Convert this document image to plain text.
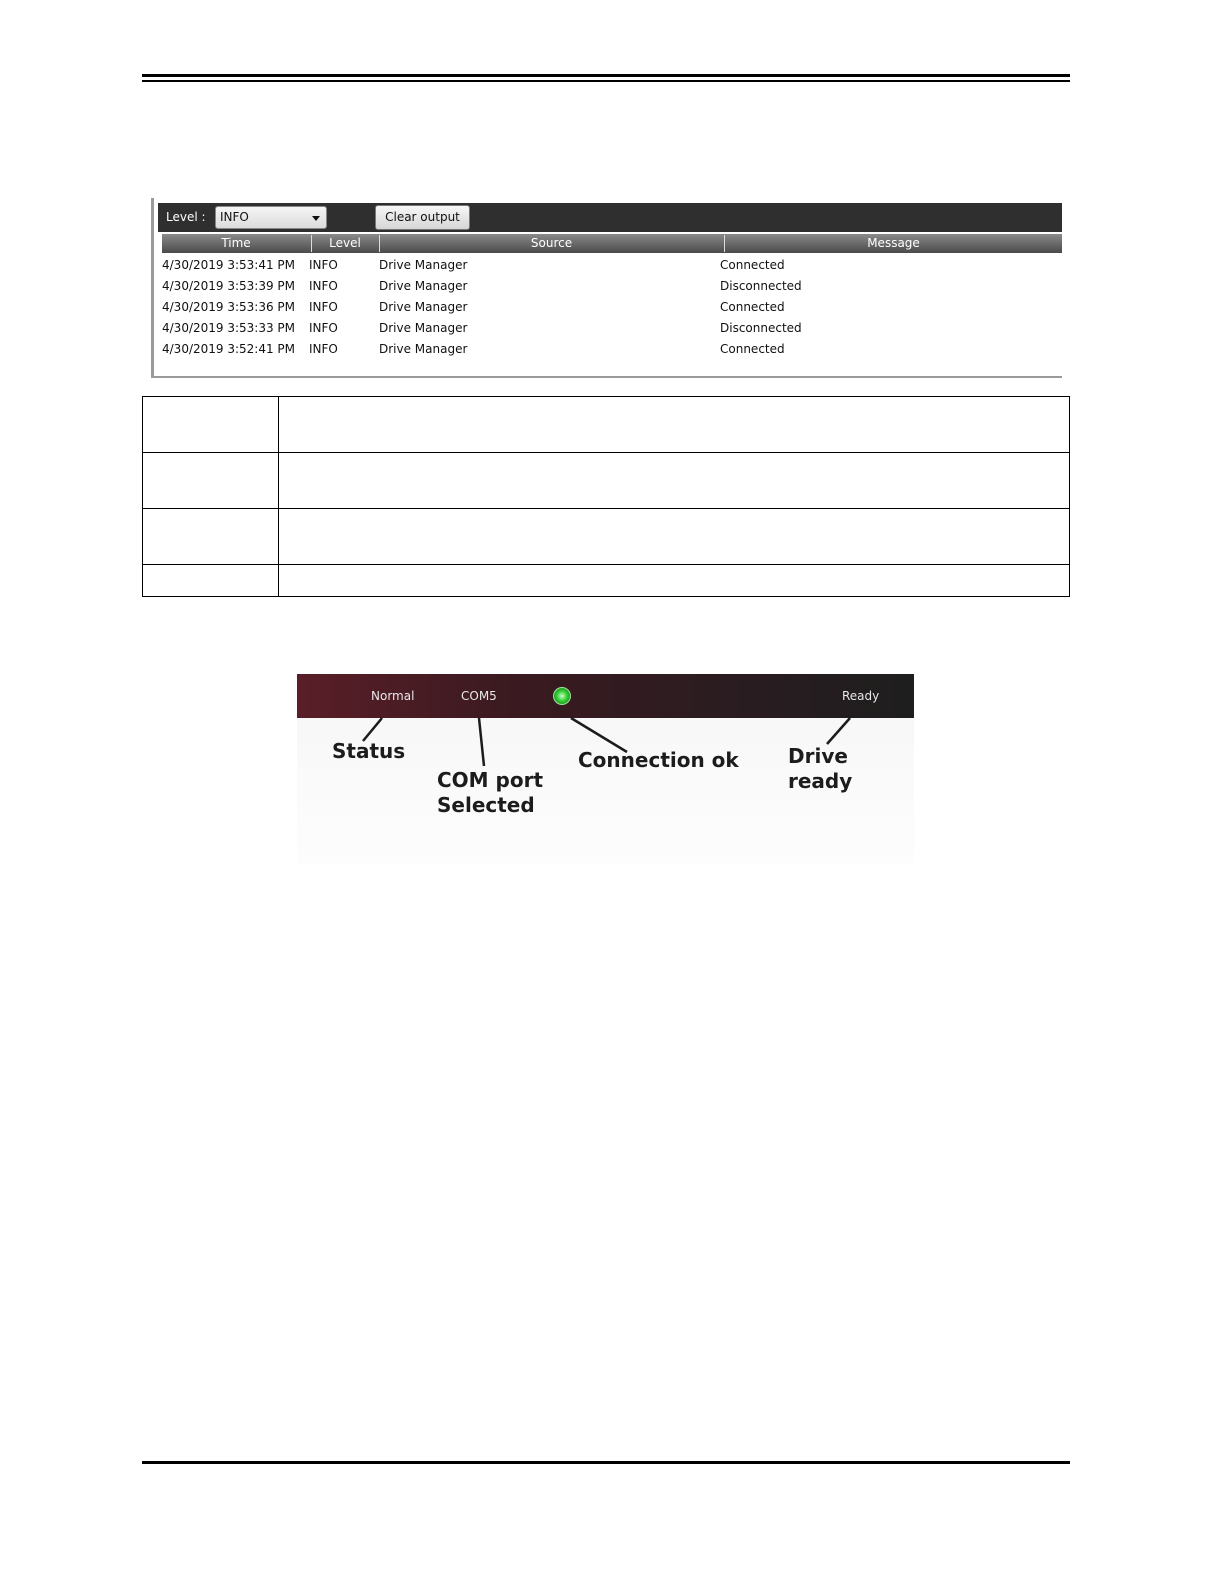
Level :	INFO	Clear output
Time	Level	Source	Message
4/30/2019 3:53:41 PM INFO	Drive Manager	Connected
4/30/2019 3:53:39 PM INFO	Drive Manager	Disconnected
4/30/2019 3:53:36 PM INFO	Drive Manager	Connected
4/30/2019 3:53:33 PM INFO	Drive Manager	Disconnected
4/30/2019 3:52:41 PM INFO	Drive Manager	Connected

Normal	COM5	Ready
Status
COM port
Selected
Connection ok Drive ready
